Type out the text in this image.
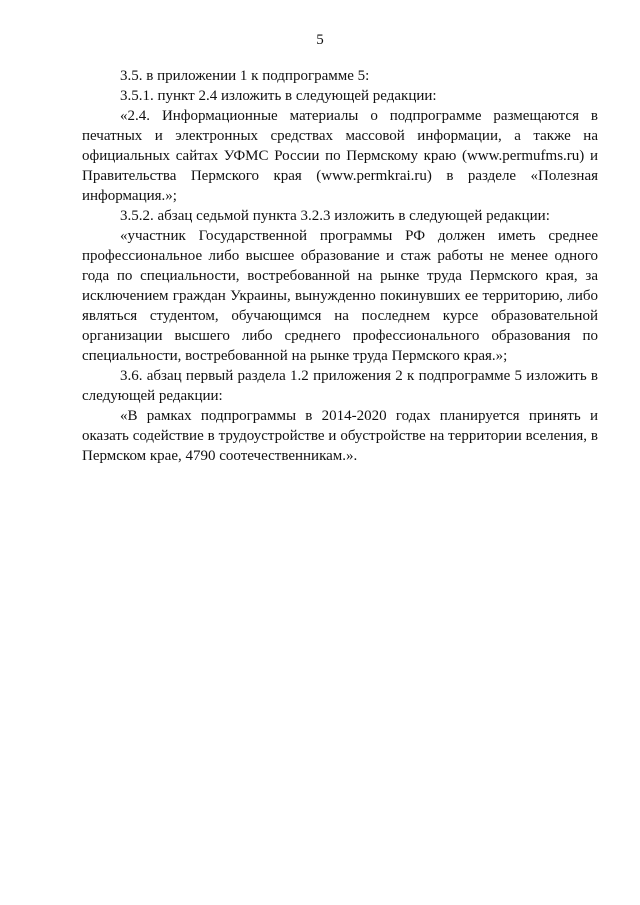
5

3.5. в приложении 1 к подпрограмме 5:

3.5.1. пункт 2.4 изложить в следующей редакции:

«2.4. Информационные материалы о подпрограмме размещаются в печатных и электронных средствах массовой информации, а также на официальных сайтах УФМС России по Пермскому краю (www.permufms.ru) и Правительства Пермского края (www.permkrai.ru) в разделе «Полезная информация.»;

3.5.2. абзац седьмой пункта 3.2.3 изложить в следующей редакции:

«участник Государственной программы РФ должен иметь среднее профессиональное либо высшее образование и стаж работы не менее одного года по специальности, востребованной на рынке труда Пермского края, за исключением граждан Украины, вынужденно покинувших ее территорию, либо являться студентом, обучающимся на последнем курсе образовательной организации высшего либо среднего профессионального образования по специальности, востребованной на рынке труда Пермского края.»;

3.6. абзац первый раздела 1.2 приложения 2 к подпрограмме 5 изложить в следующей редакции:

«В рамках подпрограммы в 2014-2020 годах планируется принять и оказать содействие в трудоустройстве и обустройстве на территории вселения, в Пермском крае, 4790 соотечественникам.».
